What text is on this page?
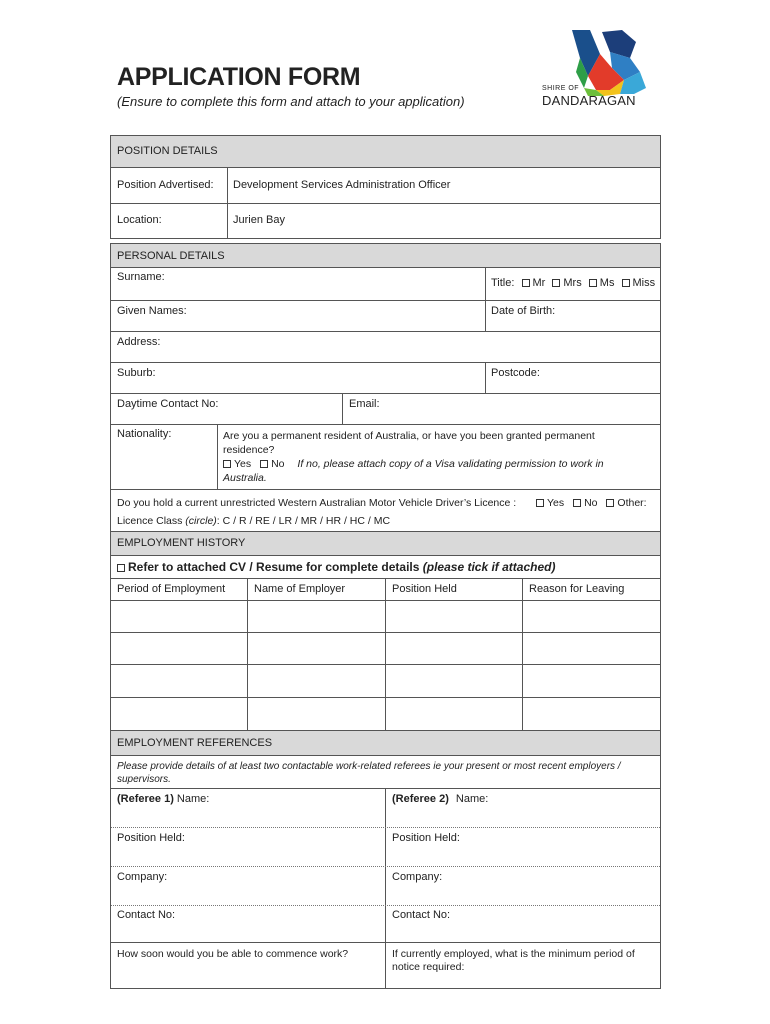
APPLICATION FORM
(Ensure to complete this form and attach to your application)
SHIRE OF
DANDARAGAN
POSITION DETAILS
Position Advertised: Development Services Administration Officer
Location:	Jurien Bay
PERSONAL DETAILS
Surname:	Title: Mr Mrs Ms Miss
Given Names:	Date of Birth:
Address:
Suburb:	Postcode:
Daytime Contact No:	Email:
Nationality:	Are you a permanent resident of Australia, or have you been granted permanent
residence?
Yes No If no, please attach copy of a Visa validating permission to work in
Australia.
Do you hold a current unrestricted Western Australian Motor Vehicle Driver’s Licence :	Yes No Other:
Licence Class (circle): C / R / RE / LR / MR / HR / HC / MC
EMPLOYMENT HISTORY
Refer to attached CV / Resume for complete details (please tick if attached)
Period of Employment	Name of Employer	Position Held	Reason for Leaving
EMPLOYMENT REFERENCES
Please provide details of at least two contactable work-related referees ie your present or most recent employers /
supervisors.
(Referee 1) Name:	(Referee 2) Name:
Position Held:	Position Held:
Company:	Company:
Contact No:	Contact No:
How soon would you be able to commence work?	If currently employed, what is the minimum period of
notice required:
